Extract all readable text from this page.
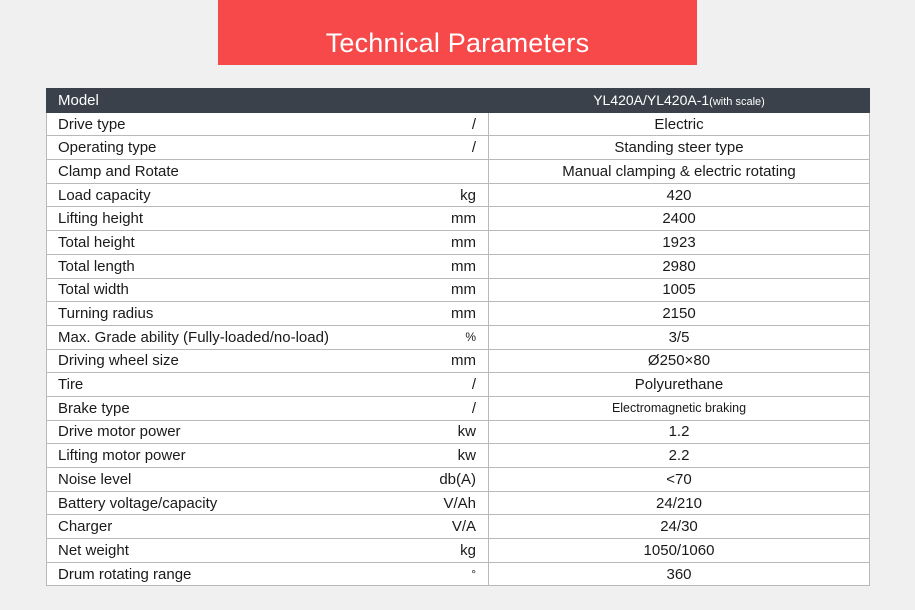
Technical Parameters
Model		YL420A/YL420A-1(with scale)
Drive type	/	Electric
Operating type	/	Standing steer type
Clamp and Rotate		Manual clamping & electric rotating
Load capacity	kg	420
Lifting height	mm	2400
Total height	mm	1923
Total length	mm	2980
Total width	mm	1005
Turning radius	mm	2150
Max. Grade ability (Fully-loaded/no-load)	%	3/5
Driving wheel size	mm	Ø250×80
Tire	/	Polyurethane
Brake type	/	Electromagnetic braking
Drive motor power	kw	1.2
Lifting motor power	kw	2.2
Noise level	db(A)	<70
Battery voltage/capacity	V/Ah	24/210
Charger	V/A	24/30
Net weight	kg	1050/1060
Drum rotating range	°	360
